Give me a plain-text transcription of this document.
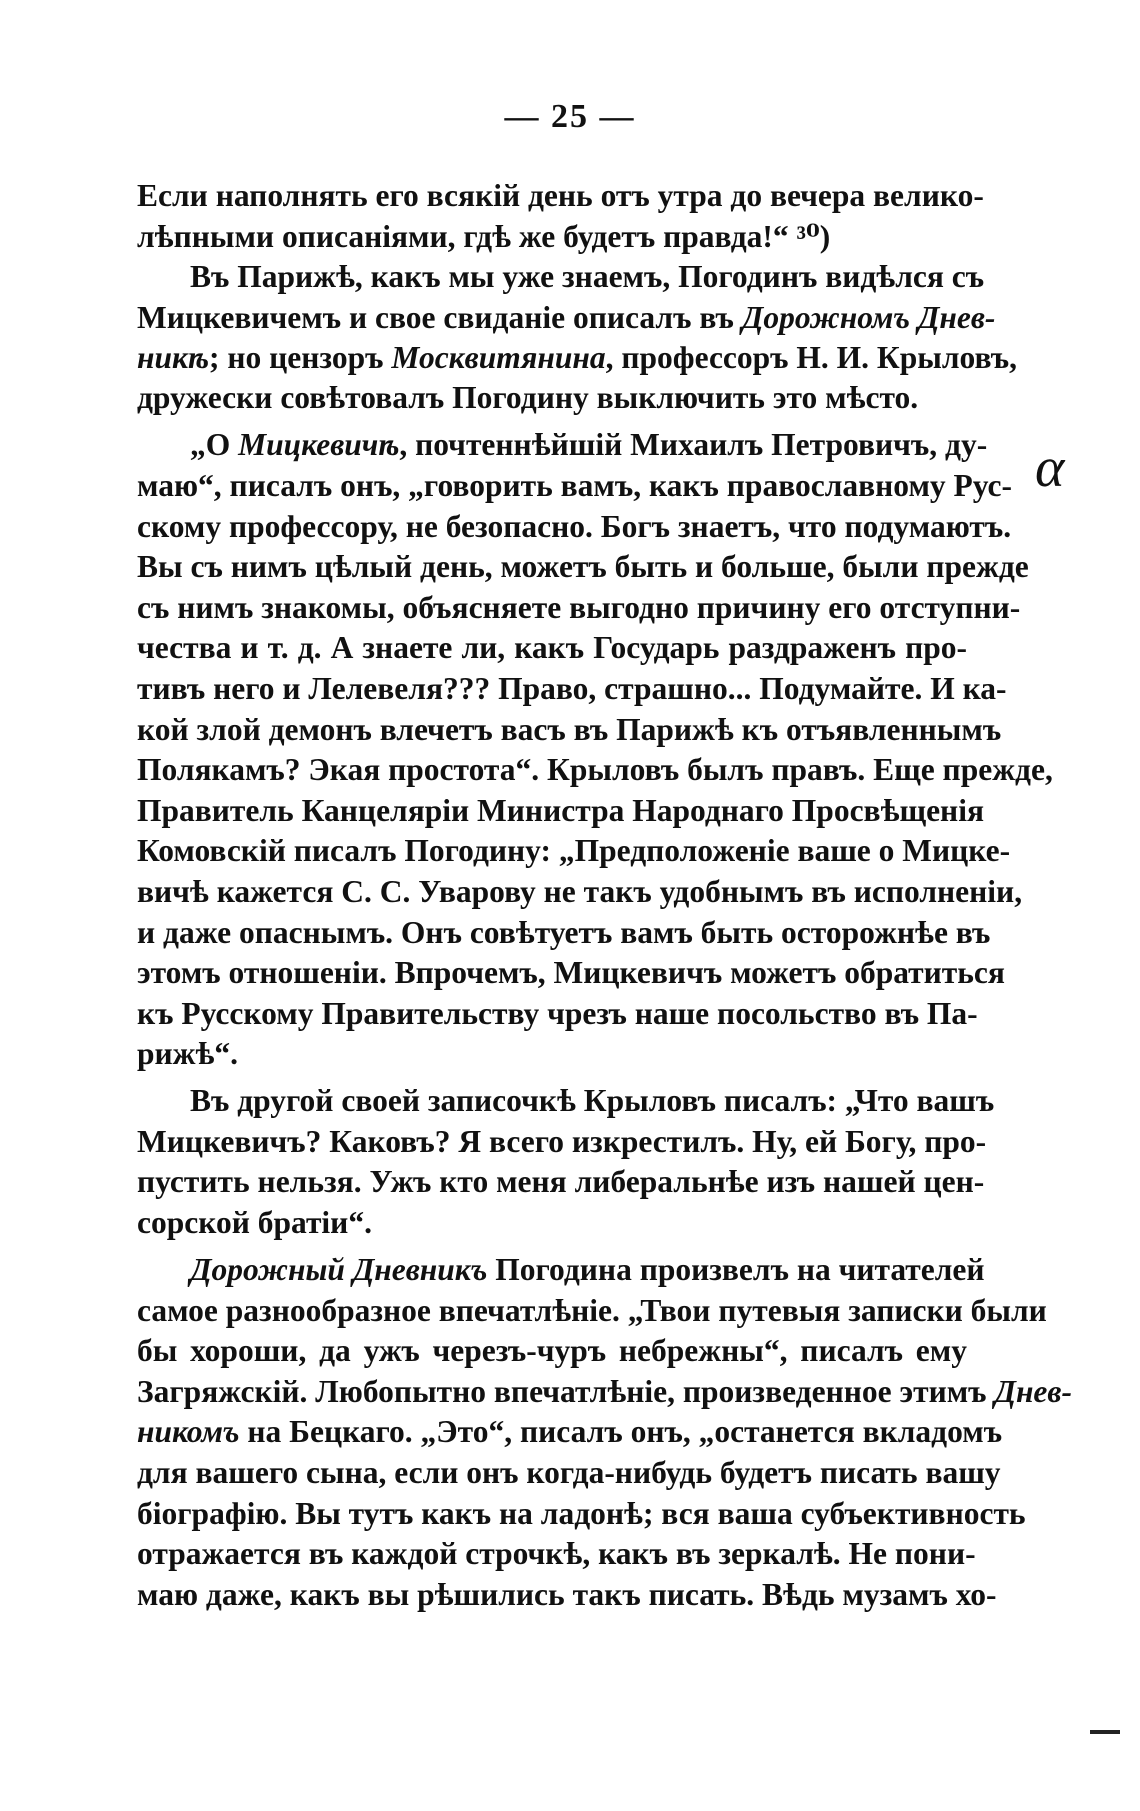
— 25 —
Если наполнять его всякій день отъ утра до вечера велико-
лѣпными описаніями, гдѣ же будетъ правда!“ ³⁰)
Въ Парижѣ, какъ мы уже знаемъ, Погодинъ видѣлся съ
Мицкевичемъ и свое свиданіе описалъ въ Дорожномъ Днев-
никѣ; но цензоръ Москвитянина, профессоръ Н. И. Крыловъ,
дружески совѣтовалъ Погодину выключить это мѣсто.
„О Мицкевичѣ, почтеннѣйшій Михаилъ Петровичъ, ду-
маю“, писалъ онъ, „говорить вамъ, какъ православному Рус-
скому профессору, не безопасно. Богъ знаетъ, что подумаютъ.
Вы съ нимъ цѣлый день, можетъ быть и больше, были прежде
съ нимъ знакомы, объясняете выгодно причину его отступни-
чества и т. д. А знаете ли, какъ Государь раздраженъ про-
тивъ него и Лелевеля??? Право, страшно... Подумайте. И ка-
кой злой демонъ влечетъ васъ въ Парижѣ къ отъявленнымъ
Полякамъ? Экая простота“. Крыловъ былъ правъ. Еще прежде,
Правитель Канцеляріи Министра Народнаго Просвѣщенія
Комовскій писалъ Погодину: „Предположеніе ваше о Мицке-
вичѣ кажется С. С. Уварову не такъ удобнымъ въ исполненіи,
и даже опаснымъ. Онъ совѣтуетъ вамъ быть осторожнѣе въ
этомъ отношеніи. Впрочемъ, Мицкевичъ можетъ обратиться
къ Русскому Правительству чрезъ наше посольство въ Па-
рижѣ“.
Въ другой своей записочкѣ Крыловъ писалъ: „Что вашъ
Мицкевичъ? Каковъ? Я всего изкрестилъ. Ну, ей Богу, про-
пустить нельзя. Ужъ кто меня либеральнѣе изъ нашей цен-
сорской братіи“.
Дорожный Дневникъ Погодина произвелъ на читателей
самое разнообразное впечатлѣніе. „Твои путевыя записки были
бы хороши, да ужъ черезъ-чуръ небрежны“, писалъ ему
Загряжскій. Любопытно впечатлѣніе, произведенное этимъ Днев-
никомъ на Бецкаго. „Это“, писалъ онъ, „останется вкладомъ
для вашего сына, если онъ когда-нибудь будетъ писать вашу
біографію. Вы тутъ какъ на ладонѣ; вся ваша субъективность
отражается въ каждой строчкѣ, какъ въ зеркалѣ. Не пони-
маю даже, какъ вы рѣшились такъ писать. Вѣдь музамъ хо-
α
